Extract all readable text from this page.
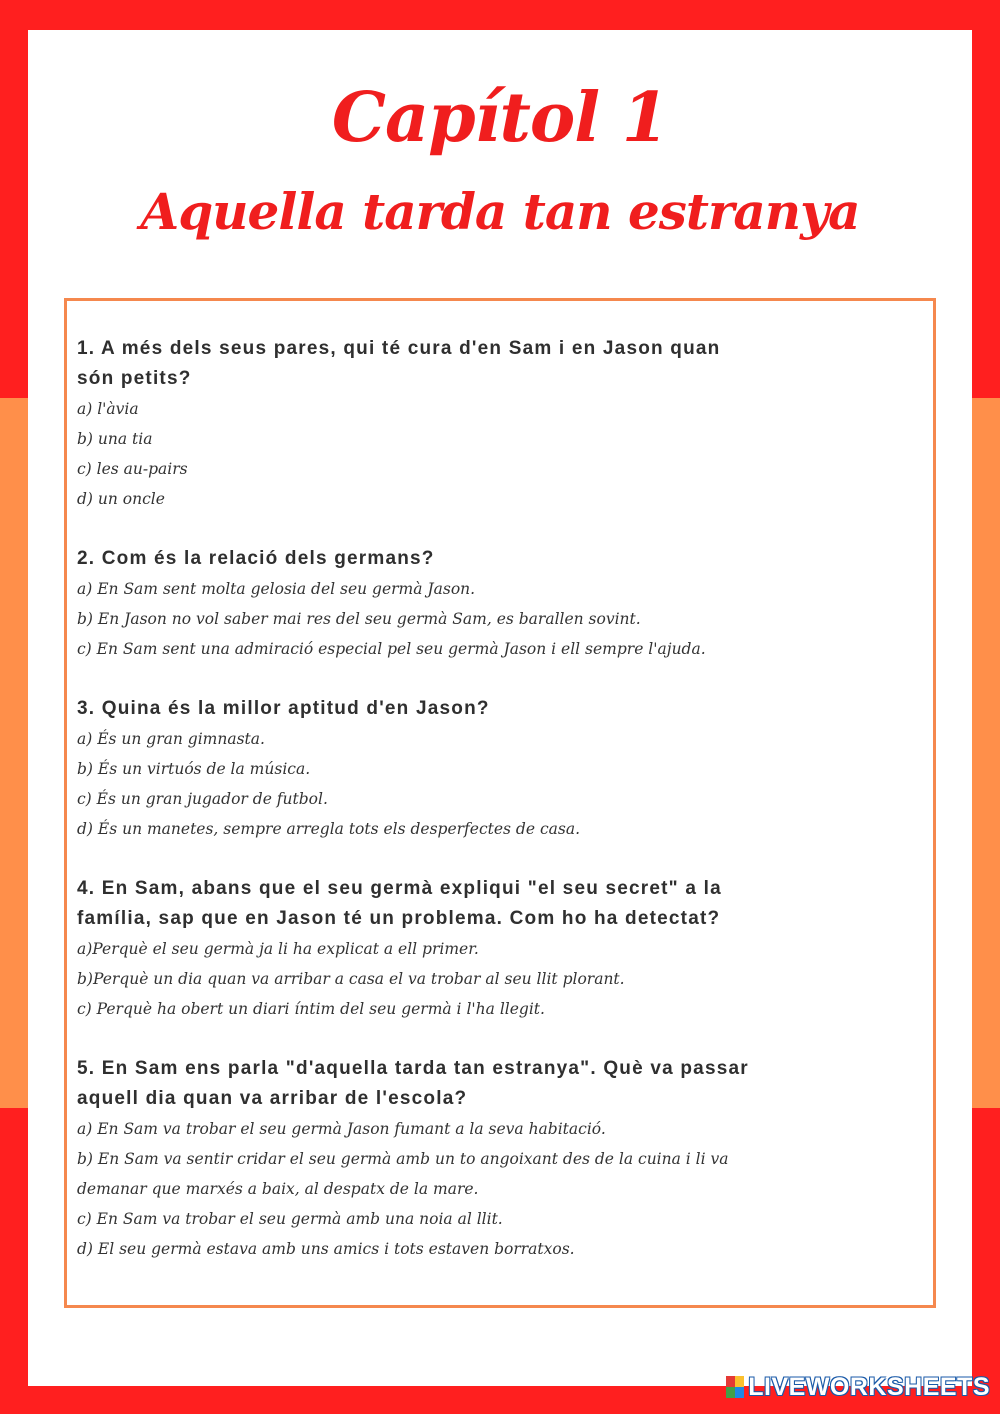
Capítol 1
Aquella tarda tan estranya
1. A més dels seus pares, qui té cura d'en Sam i en Jason quan
són petits?
a) l'àvia
b) una tia
c) les au-pairs
d) un oncle
2. Com és la relació dels germans?
a) En Sam sent molta gelosia del seu germà Jason.
b) En Jason no vol saber mai res del seu germà Sam, es barallen sovint.
c) En Sam sent una admiració especial pel seu germà Jason i ell sempre l'ajuda.
3. Quina és la millor aptitud d'en Jason?
a) És un gran gimnasta.
b) És un virtuós de la música.
c) És un gran jugador de futbol.
d) És un manetes, sempre arregla tots els desperfectes de casa.
4. En Sam, abans que el seu germà expliqui "el seu secret" a la
família, sap que en Jason té un problema. Com ho ha detectat?
a)Perquè el seu germà ja li ha explicat a ell primer.
b)Perquè un dia quan va arribar a casa el va trobar al seu llit plorant.
c) Perquè ha obert un diari íntim del seu germà i l'ha llegit.
5. En Sam ens parla "d'aquella tarda tan estranya". Què va passar
aquell dia quan va arribar de l'escola?
a) En Sam va trobar el seu germà Jason fumant a la seva habitació.
b) En Sam va sentir cridar el seu germà amb un to angoixant des de la cuina i li va
demanar que marxés a baix, al despatx de la mare.
c) En Sam va trobar el seu germà amb una noia al llit.
d) El seu germà estava amb uns amics i tots estaven borratxos.
LIVEWORKSHEETS
